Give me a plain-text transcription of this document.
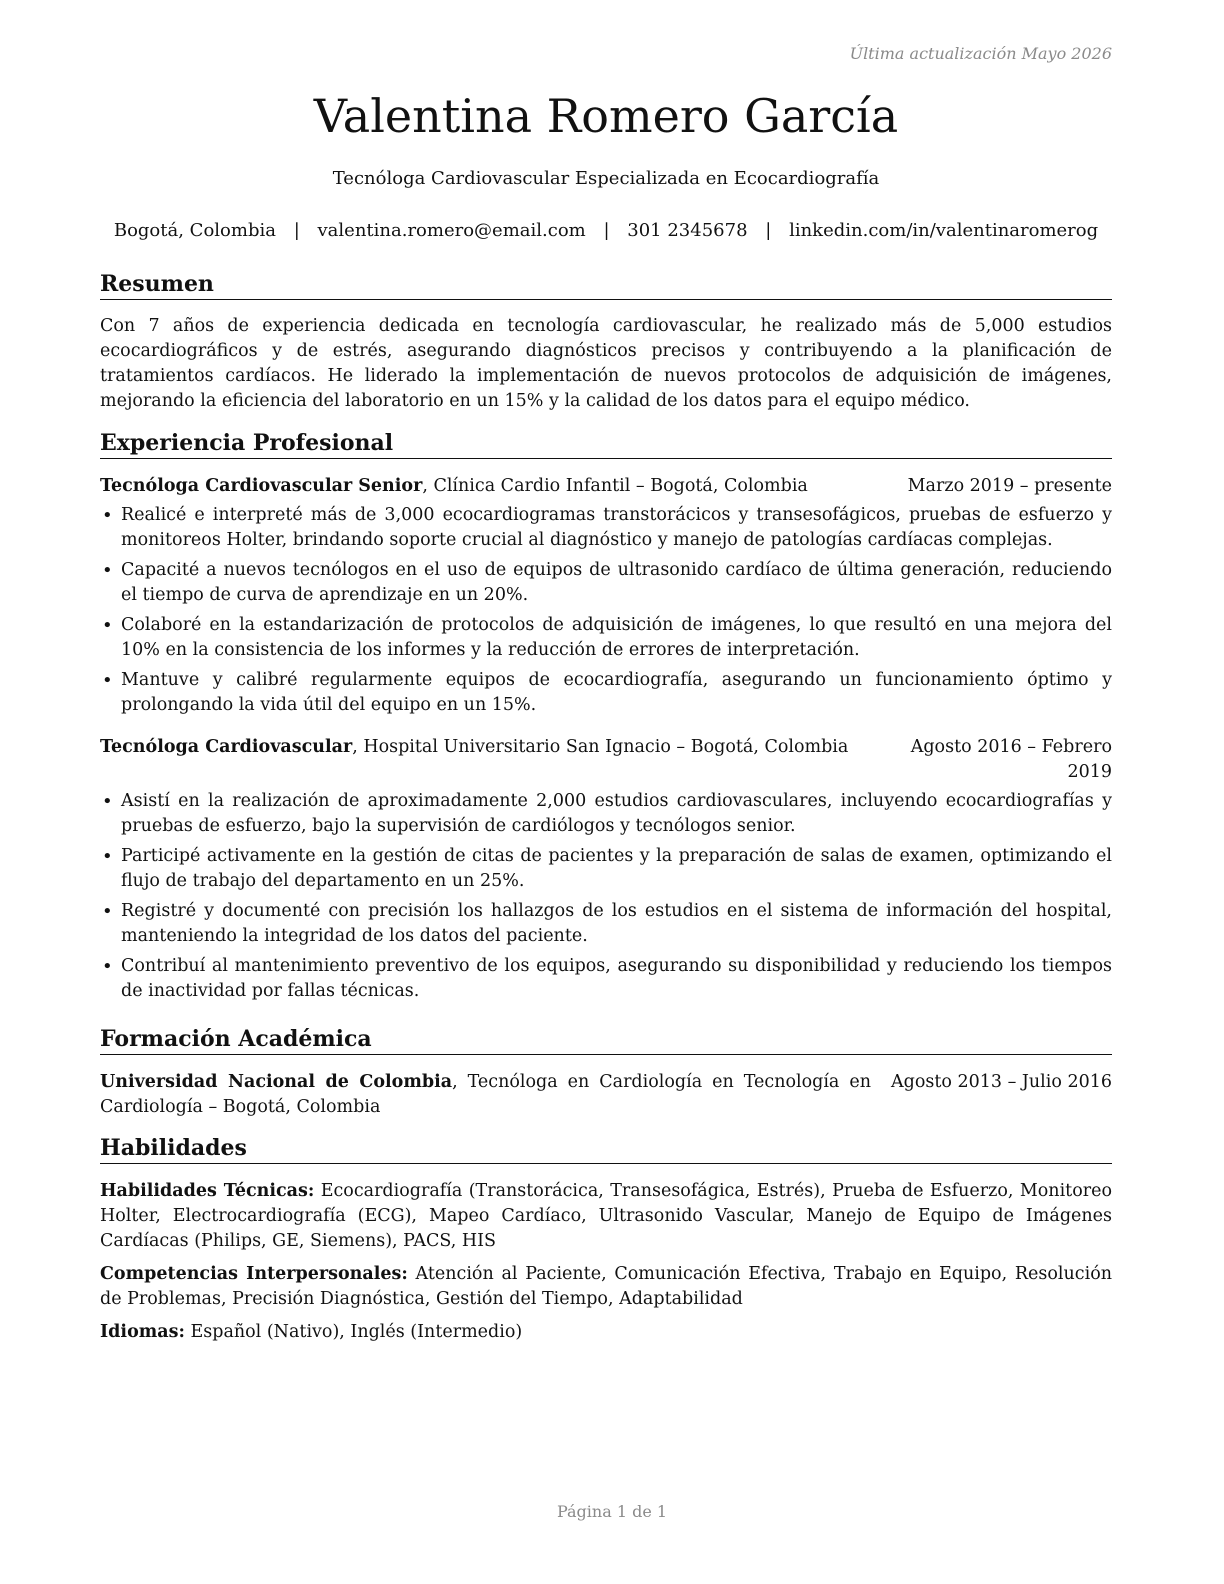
Última actualización Mayo 2026
Valentina Romero García
Tecnóloga Cardiovascular Especializada en Ecocardiografía
Bogotá, Colombia | valentina.romero@email.com | 301 2345678 | linkedin.com/in/valentinaromerog
Resumen

Con 7 años de experiencia dedicada en tecnología cardiovascular, he realizado más de 5,000 estudios ecocardiográficos y de estrés, asegurando diagnósticos precisos y contribuyendo a la planificación de tratamientos cardíacos. He liderado la implementación de nuevos protocolos de adquisición de imágenes, mejorando la eficiencia del laboratorio en un 15% y la calidad de los datos para el equipo médico.

Experiencia Profesional
Tecnóloga Cardiovascular Senior, Clínica Cardio Infantil – Bogotá, Colombia	Marzo 2019 – presente
• Realicé e interpreté más de 3,000 ecocardiogramas transtorácicos y transesofágicos, pruebas de esfuerzo y monitoreos Holter, brindando soporte crucial al diagnóstico y manejo de patologías cardíacas complejas.
• Capacité a nuevos tecnólogos en el uso de equipos de ultrasonido cardíaco de última generación, reduciendo el tiempo de curva de aprendizaje en un 20%.
• Colaboré en la estandarización de protocolos de adquisición de imágenes, lo que resultó en una mejora del 10% en la consistencia de los informes y la reducción de errores de interpretación.
• Mantuve y calibré regularmente equipos de ecocardiografía, asegurando un funcionamiento óptimo y prolongando la vida útil del equipo en un 15%.
Tecnóloga Cardiovascular, Hospital Universitario San Ignacio – Bogotá, Colombia	Agosto 2016 – Febrero 2019
• Asistí en la realización de aproximadamente 2,000 estudios cardiovasculares, incluyendo ecocardiografías y pruebas de esfuerzo, bajo la supervisión de cardiólogos y tecnólogos senior.
• Participé activamente en la gestión de citas de pacientes y la preparación de salas de examen, optimizando el flujo de trabajo del departamento en un 25%.
• Registré y documenté con precisión los hallazgos de los estudios en el sistema de información del hospital, manteniendo la integridad de los datos del paciente.
• Contribuí al mantenimiento preventivo de los equipos, asegurando su disponibilidad y reduciendo los tiempos de inactividad por fallas técnicas.
Formación Académica
Universidad Nacional de Colombia, Tecnóloga en Cardiología en Tecnología en Cardiología – Bogotá, Colombia
Agosto 2013 – Julio 2016
Habilidades

Habilidades Técnicas: Ecocardiografía (Transtorácica, Transesofágica, Estrés), Prueba de Esfuerzo, Monitoreo Holter, Electrocardiografía (ECG), Mapeo Cardíaco, Ultrasonido Vascular, Manejo de Equipo de Imágenes Cardíacas (Philips, GE, Siemens), PACS, HIS

Competencias Interpersonales: Atención al Paciente, Comunicación Efectiva, Trabajo en Equipo, Resolución de Problemas, Precisión Diagnóstica, Gestión del Tiempo, Adaptabilidad

Idiomas: Español (Nativo), Inglés (Intermedio)

Página 1 de 1
